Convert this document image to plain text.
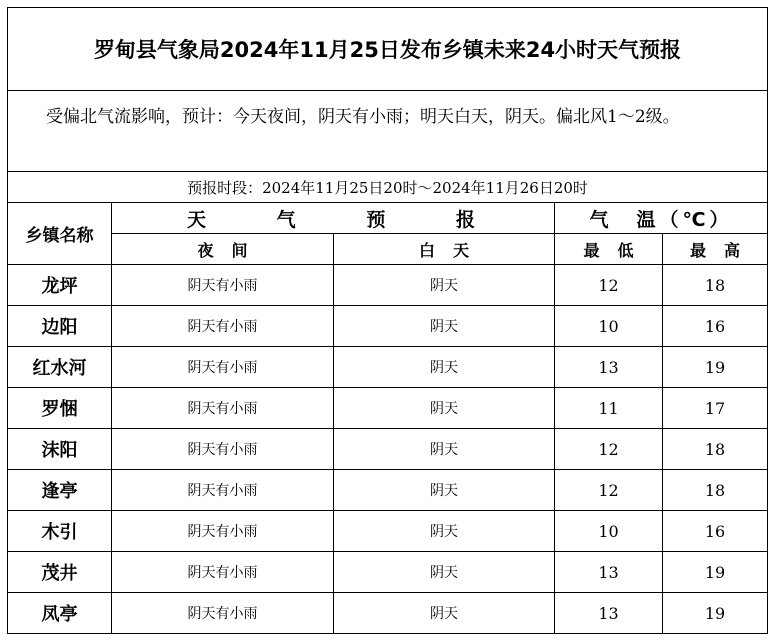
罗甸县气象局2024年11月25日发布乡镇未来24小时天气预报				

受偏北气流影响，预计：今天夜间，阴天有小雨；明天白天，阴天。偏北风1～2级。				

预报时段：2024年11月25日20时～2024年11月26日20时				
乡镇名称	天 气 预 报		气 温（℃）	
	夜 间	白 天	最 低	最 高
龙坪	阴天有小雨	阴天	12	18
边阳	阴天有小雨	阴天	10	16
红水河	阴天有小雨	阴天	13	19
罗悃	阴天有小雨	阴天	11	17
沫阳	阴天有小雨	阴天	12	18
逢亭	阴天有小雨	阴天	12	18
木引	阴天有小雨	阴天	10	16
茂井	阴天有小雨	阴天	13	19
凤亭	阴天有小雨	阴天	13	19
